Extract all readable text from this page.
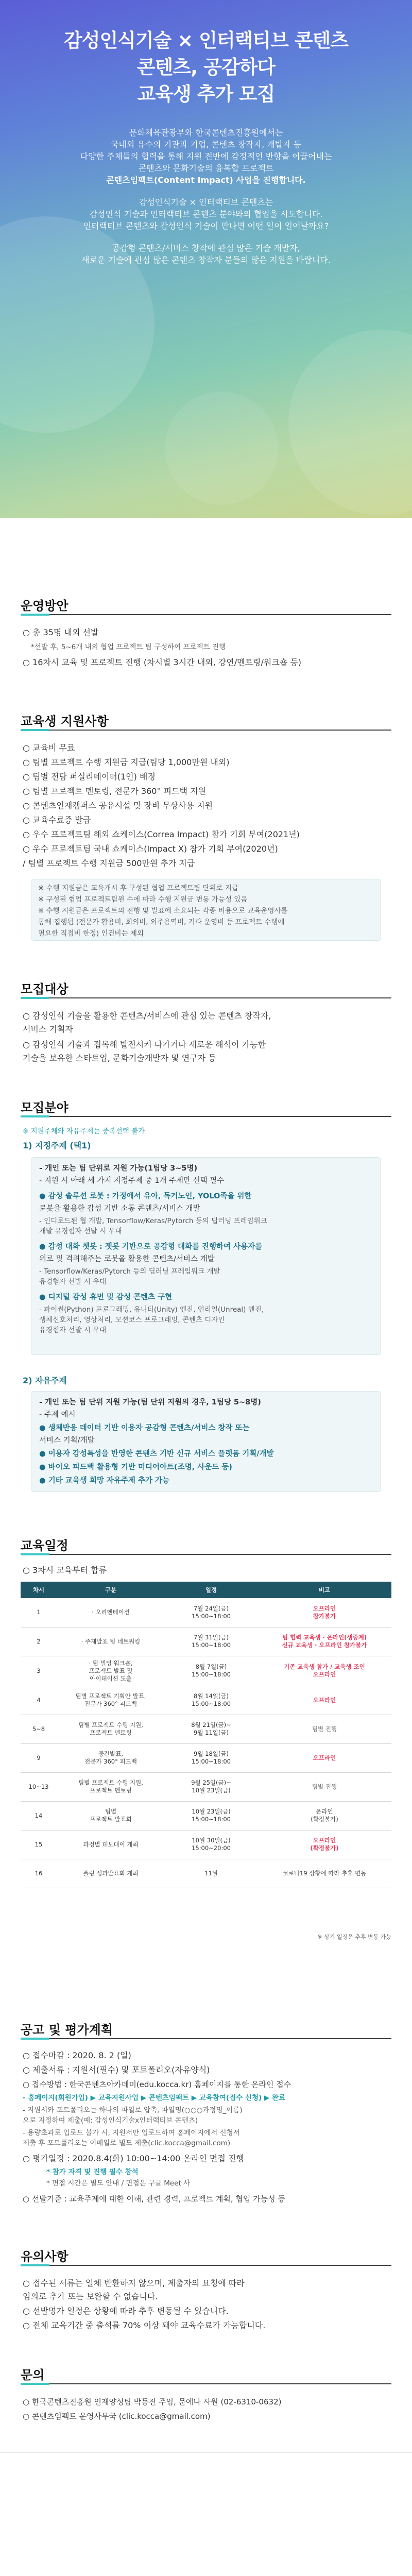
감성인식기술 × 인터랙티브 콘텐츠
콘텐츠, 공감하다
교육생 추가 모집
문화체육관광부와 한국콘텐츠진흥원에서는
국내외 유수의 기관과 기업, 콘텐츠 창작자, 개발자 등
다양한 주체들의 협력을 통해 지원 전반에 감정적인 반향을 이끌어내는
콘텐츠와 문화기술의 융복합 프로젝트
콘텐츠임팩트(Content Impact) 사업을 진행합니다.
감성인식기술 × 인터랙티브 콘텐츠는
감성인식 기술과 인터랙티브 콘텐츠 분야와의 협업을 시도합니다.
인터랙티브 콘텐츠와 감성인식 기술이 만나면 어떤 일이 일어날까요?
공감형 콘텐츠/서비스 창작에 관심 많은 기술 개발자,
새로운 기술에 관심 많은 콘텐츠 창작자 분들의 많은 지원을 바랍니다.
운영방안
○ 총 35명 내외 선발
*선발 후, 5~6개 내외 협업 프로젝트 팀 구성하여 프로젝트 진행
○ 16차시 교육 및 프로젝트 진행 (차시별 3시간 내외, 강연/멘토링/워크숍 등)
교육생 지원사항
○ 교육비 무료
○ 팀별 프로젝트 수행 지원금 지급(팀당 1,000만원 내외)
○ 팀별 전담 퍼실리테이터(1인) 배정
○ 팀별 프로젝트 멘토링, 전문가 360° 피드백 지원
○ 콘텐츠인재캠퍼스 공유시설 및 장비 무상사용 지원
○ 교육수료증 발급
○ 우수 프로젝트팀 해외 쇼케이스(Correa Impact) 참가 기회 부여(2021년)
○ 우수 프로젝트팀 국내 쇼케이스(Impact X) 참가 기회 부여(2020년)
/ 팀별 프로젝트 수행 지원금 500만원 추가 지급
※ 수행 지원금은 교육개시 후 구성된 협업 프로젝트팀 단위로 지급
※ 구성된 협업 프로젝트팀원 수에 따라 수행 지원금 변동 가능성 있음
※ 수행 지원금은 프로젝트의 진행 및 발표에 소요되는 각종 비용으로 교육운영사를
통해 집행됨 (전문가 활용비, 회의비, 외주용역비, 기타 운영비 등 프로젝트 수행에
필요한 직접비 한정) 인건비는 제외
모집대상
○ 감성인식 기술을 활용한 콘텐츠/서비스에 관심 있는 콘텐츠 창작자,
서비스 기획자
○ 감성인식 기술과 접목해 발전시켜 나가거나 새로운 해석이 가능한
기술을 보유한 스타트업, 문화기술개발자 및 연구자 등
모집분야
※ 지원주체와 자유주제는 중복선택 불가
1) 지정주제 (택1)
- 개인 또는 팀 단위로 지원 가능(1팀당 3~5명)
- 지원 시 아래 세 가지 지정주제 중 1개 주제만 선택 필수
● 감성 솔루션 로봇 : 가정에서 유아, 독거노인, YOLO족을 위한
로봇을 활용한 감성 기반 소통 콘텐츠/서비스 개발
- 인디로드된 협 개발, Tensorflow/Keras/Pytorch 등의 딥러닝 프레임워크
개발 유경험자 선발 시 우대
● 감성 대화 챗봇 : 젯봇 기반으로 공감형 대화를 진행하여 사용자를
위로 및 격려해주는 로봇을 활용한 콘텐츠/서비스 개발
- Tensorflow/Keras/Pytorch 등의 딥러닝 프레임워크 개발
유경험자 선발 시 우대
● 디지털 감성 휴먼 및 감성 콘텐츠 구현
- 파이썬(Python) 프로그래밍, 유니티(Unity) 엔진, 언리얼(Unreal) 엔진,
생체신호처리, 영상처리, 모션코스 프로그래밍, 콘텐츠 디자인
유경험자 선발 시 우대
2) 자유주제
- 개인 또는 팀 단위 지원 가능(팀 단위 지원의 경우, 1팀당 5~8명)
- 주제 예시
● 생체반응 데이터 기반 이용자 공감형 콘텐츠/서비스 창작 또는
서비스 기획/개발
● 이용자 감성특성을 반영한 콘텐츠 기반 신규 서비스 플랫폼 기획/개발
● 바이오 피드백 활용형 기반 미디어아트(조명, 사운드 등)
● 기타 교육생 희망 자유주제 추가 가능
교육일정
○ 3차시 교육부터 합류
차시	구분	일정	비고
1	· 오리엔테이션	7월 24일(금)
15:00~18:00	오프라인
참가불가
2	· 주제발표 팀 네트워킹	7월 31일(금)
15:00~18:00	팀 협력 교육생 · 온라인(생중계)
신규 교육생 · 오프라인 참가불가
3	· 팀 빌딩 워크숍,
프로젝트 발표 및
아이데이션 도출	8월 7일(금)
15:00~18:00	기존 교육생 참가 / 교육생 조인
오프라인
4	팀별 프로젝트 기획안 발표,
전문가 360° 피드백	8월 14일(금)
15:00~18:00	오프라인
5~8	팀별 프로젝트 수행 지원,
프로젝트 멘토링	8월 21일(금)~
9월 11일(금)	팀별 진행
9	중간발표,
전문가 360° 피드백	9월 18일(금)
15:00~18:00	오프라인
10~13	팀별 프로젝트 수행 지원,
프로젝트 멘토링	9월 25일(금)~
10월 23일(금)	팀별 진행
14	팀별
프로젝트 발표회	10월 23일(금)
15:00~18:00	온라인
(확정불가)
15	과정별 데모데이 개최	10월 30일(금)
15:00~20:00	오프라인
(확정불가)
16	폴링 성과발표회 개최	11월	코로나19 상황에 따라 추후 변동
※ 상기 일정은 추후 변동 가능
공고 및 평가계획
○ 접수마감 : 2020. 8. 2 (일)
○ 제출서류 : 지원서(필수) 및 포트폴리오(자유양식)
○ 접수방법 : 한국콘텐츠아카데미(edu.kocca.kr) 홈페이지를 통한 온라인 접수
- 홈페이지(회원가입) ▶ 교육지원사업 ▶ 콘텐츠임팩트 ▶ 교육참여(접수 신청) ▶ 완료
- 지원서와 포트폴리오는 하나의 파일로 압축, 파일명(○○○과정명_이름)
으로 지정하여 제출(예: 감성인식기술x인터랙티브 콘텐츠)
- 용량초과로 업로드 불가 시, 지원서만 업로드하여 홈페이지에서 신청서
제출 후 포트폴리오는 이메일로 별도 제출(clic.kocca@gmail.com)
○ 평가일정 : 2020.8.4(화) 10:00~14:00 온라인 면접 진행
* 참가 자격 및 진행 필수 참석
* 면접 시간은 별도 안내 / 면접은 구글 Meet 사
○ 선발기준 : 교육주제에 대한 이해, 관련 경력, 프로젝트 계획, 협업 가능성 등
유의사항
○ 접수된 서류는 일체 반환하지 않으며, 제출자의 요청에 따라
임의로 추가 또는 보완할 수 없습니다.
○ 선발명가 일정은 상황에 따라 추후 변동될 수 있습니다.
○ 전체 교육기간 중 출석률 70% 이상 돼야 교육수료가 가능합니다.
문의
○ 한국콘텐츠진흥원 인재양성팀 박동진 주임, 문예나 사원 (02-6310-0632)
○ 콘텐츠임팩트 운영사무국 (clic.kocca@gmail.com)
